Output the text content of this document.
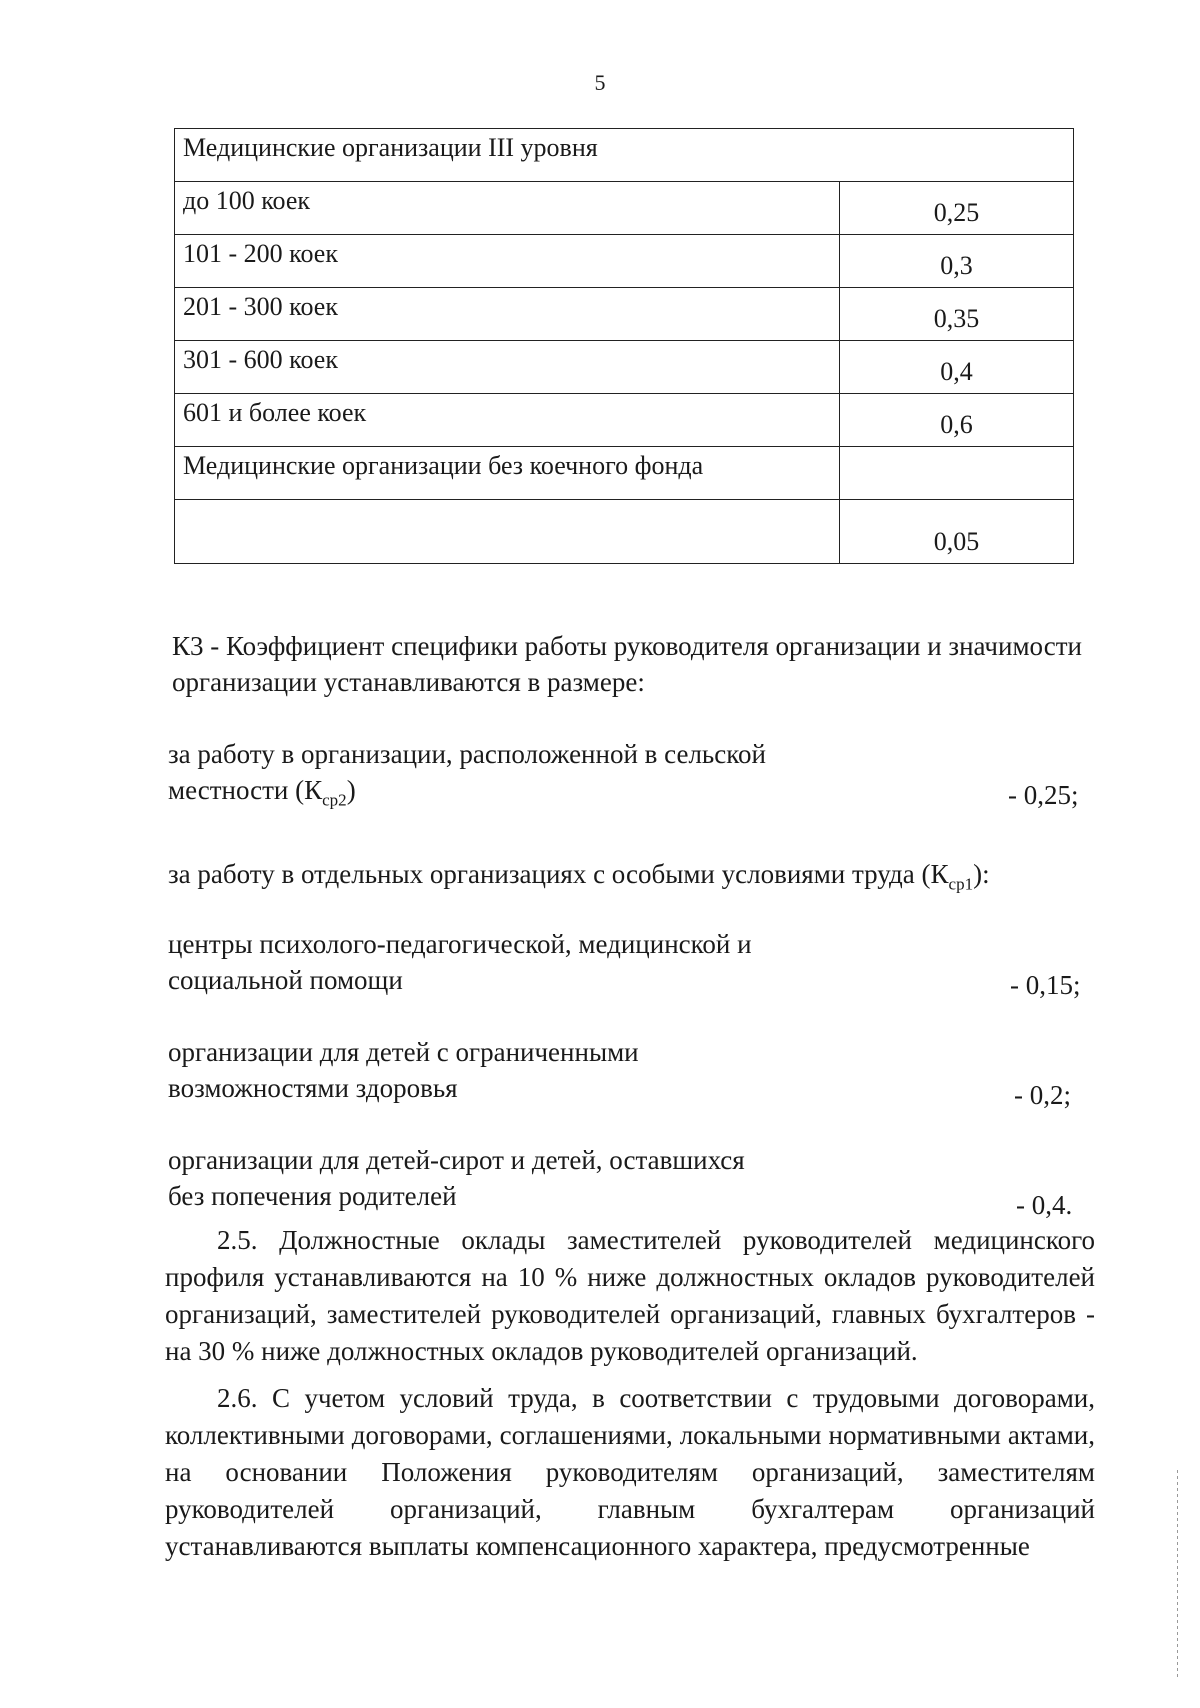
5
Медицинские организации III уровня	
до 100 коек	0,25
101 - 200 коек	0,3
201 - 300 коек	0,35
301 - 600 коек	0,4
601 и более коек	0,6
Медицинские организации без коечного фонда	
	0,05
К3 - Коэффициент специфики работы руководителя организации и значимости организации устанавливаются в размере:
за работу в организации, расположенной в сельской
местности $(К_{ср2})$	- 0,25;
за работу в отдельных организациях с особыми условиями труда $(К_{ср1})$:
центры психолого-педагогической, медицинской и
социальной помощи	- 0,15;
организации для детей с ограниченными
возможностями здоровья	- 0,2;
организации для детей-сирот и детей, оставшихся
без попечения родителей	- 0,4.
2.5. Должностные оклады заместителей руководителей медицинского профиля устанавливаются на 10 % ниже должностных окладов руководителей организаций, заместителей руководителей организаций, главных бухгалтеров - на 30 % ниже должностных окладов руководителей организаций.
2.6. С учетом условий труда, в соответствии с трудовыми договорами, коллективными договорами, соглашениями, локальными нормативными актами, на основании Положения руководителям организаций, заместителям руководителей организаций, главным бухгалтерам организаций устанавливаются выплаты компенсационного характера, предусмотренные
